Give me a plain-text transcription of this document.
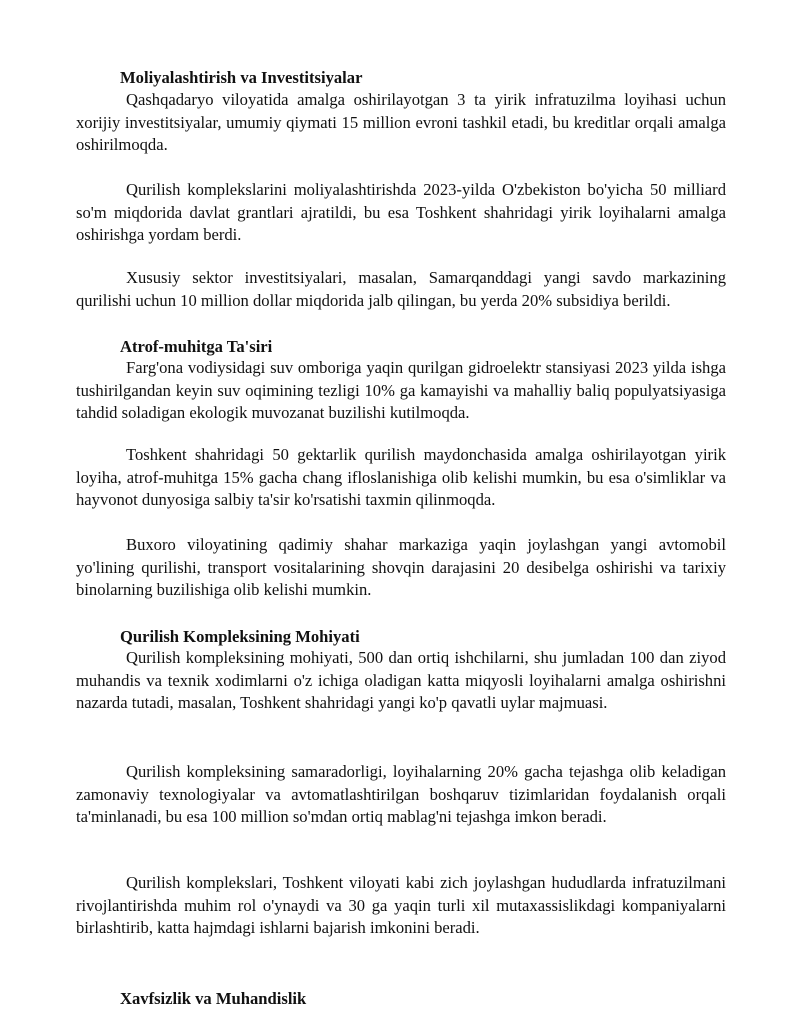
Moliyalashtirish va Investitsiyalar

Qashqadaryo viloyatida amalga oshirilayotgan 3 ta yirik infratuzilma loyihasi uchun xorijiy investitsiyalar, umumiy qiymati 15 million evroni tashkil etadi, bu kreditlar orqali amalga oshirilmoqda.

Qurilish komplekslarini moliyalashtirishda 2023-yilda O'zbekiston bo'yicha 50 milliard so'm miqdorida davlat grantlari ajratildi, bu esa Toshkent shahridagi yirik loyihalarni amalga oshirishga yordam berdi.

Xususiy sektor investitsiyalari, masalan, Samarqanddagi yangi savdo markazining qurilishi uchun 10 million dollar miqdorida jalb qilingan, bu yerda 20% subsidiya berildi.

Atrof-muhitga Ta'siri

Farg'ona vodiysidagi suv omboriga yaqin qurilgan gidroelektr stansiyasi 2023 yilda ishga tushirilgandan keyin suv oqimining tezligi 10% ga kamayishi va mahalliy baliq populyatsiyasiga tahdid soladigan ekologik muvozanat buzilishi kutilmoqda.

Toshkent shahridagi 50 gektarlik qurilish maydonchasida amalga oshirilayotgan yirik loyiha, atrof-muhitga 15% gacha chang ifloslanishiga olib kelishi mumkin, bu esa o'simliklar va hayvonot dunyosiga salbiy ta'sir ko'rsatishi taxmin qilinmoqda.

Buxoro viloyatining qadimiy shahar markaziga yaqin joylashgan yangi avtomobil yo'lining qurilishi, transport vositalarining shovqin darajasini 20 desibelga oshirishi va tarixiy binolarning buzilishiga olib kelishi mumkin.

Qurilish Kompleksining Mohiyati

Qurilish kompleksining mohiyati, 500 dan ortiq ishchilarni, shu jumladan 100 dan ziyod muhandis va texnik xodimlarni o'z ichiga oladigan katta miqyosli loyihalarni amalga oshirishni nazarda tutadi, masalan, Toshkent shahridagi yangi ko'p qavatli uylar majmuasi.

Qurilish kompleksining samaradorligi, loyihalarning 20% gacha tejashga olib keladigan zamonaviy texnologiyalar va avtomatlashtirilgan boshqaruv tizimlaridan foydalanish orqali ta'minlanadi, bu esa 100 million so'mdan ortiq mablag'ni tejashga imkon beradi.

Qurilish komplekslari, Toshkent viloyati kabi zich joylashgan hududlarda infratuzilmani rivojlantirishda muhim rol o'ynaydi va 30 ga yaqin turli xil mutaxassislikdagi kompaniyalarni birlashtirib, katta hajmdagi ishlarni bajarish imkonini beradi.

Xavfsizlik va Muhandislik
